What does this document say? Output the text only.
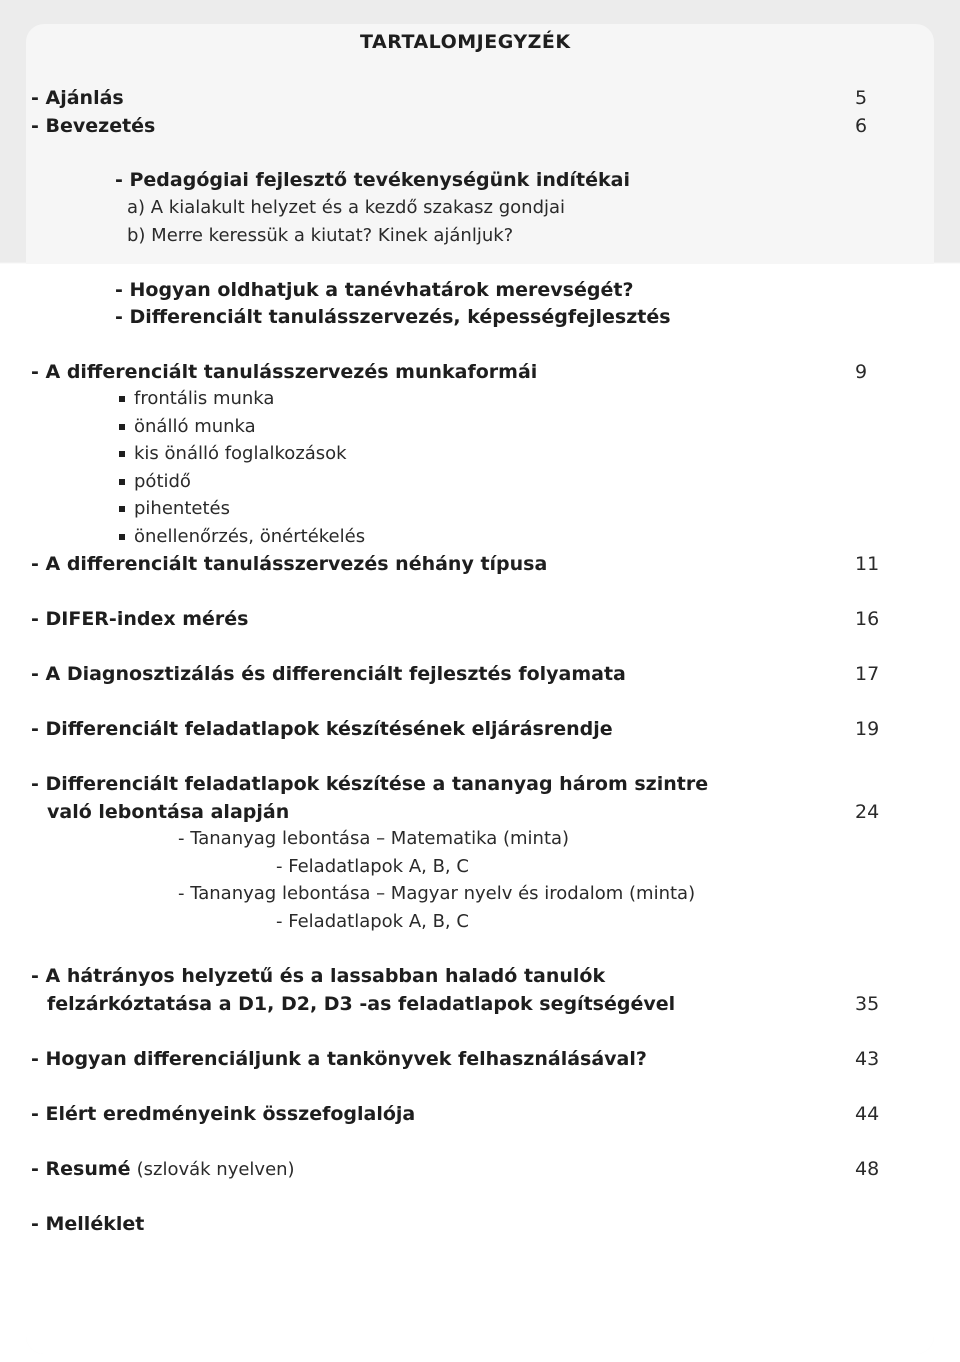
TARTALOMJEGYZÉK
- Ajánlás	5
- Bevezetés	6
- Pedagógiai fejlesztő tevékenységünk indítékai
a) A kialakult helyzet és a kezdő szakasz gondjai
b) Merre keressük a kiutat? Kinek ajánljuk?
- Hogyan oldhatjuk a tanévhatárok merevségét?
- Differenciált tanulásszervezés, képességfejlesztés
- A differenciált tanulásszervezés munkaformái	9
frontális munka
önálló munka
kis önálló foglalkozások
pótidő
pihentetés
önellenőrzés, önértékelés
- A differenciált tanulásszervezés néhány típusa	11
- DIFER-index mérés	16
- A Diagnosztizálás és differenciált fejlesztés folyamata	17
- Differenciált feladatlapok készítésének eljárásrendje	19
- Differenciált feladatlapok készítése a tananyag három szintre
való lebontása alapján	24
- Tananyag lebontása – Matematika (minta)
- Feladatlapok A, B, C
- Tananyag lebontása – Magyar nyelv és irodalom (minta)
- Feladatlapok A, B, C
- A hátrányos helyzetű és a lassabban haladó tanulók
felzárkóztatása a D1, D2, D3 -as feladatlapok segítségével	35
- Hogyan differenciáljunk a tankönyvek felhasználásával?	43
- Elért eredményeink összefoglalója	44
- Resumé (szlovák nyelven)	48
- Melléklet
